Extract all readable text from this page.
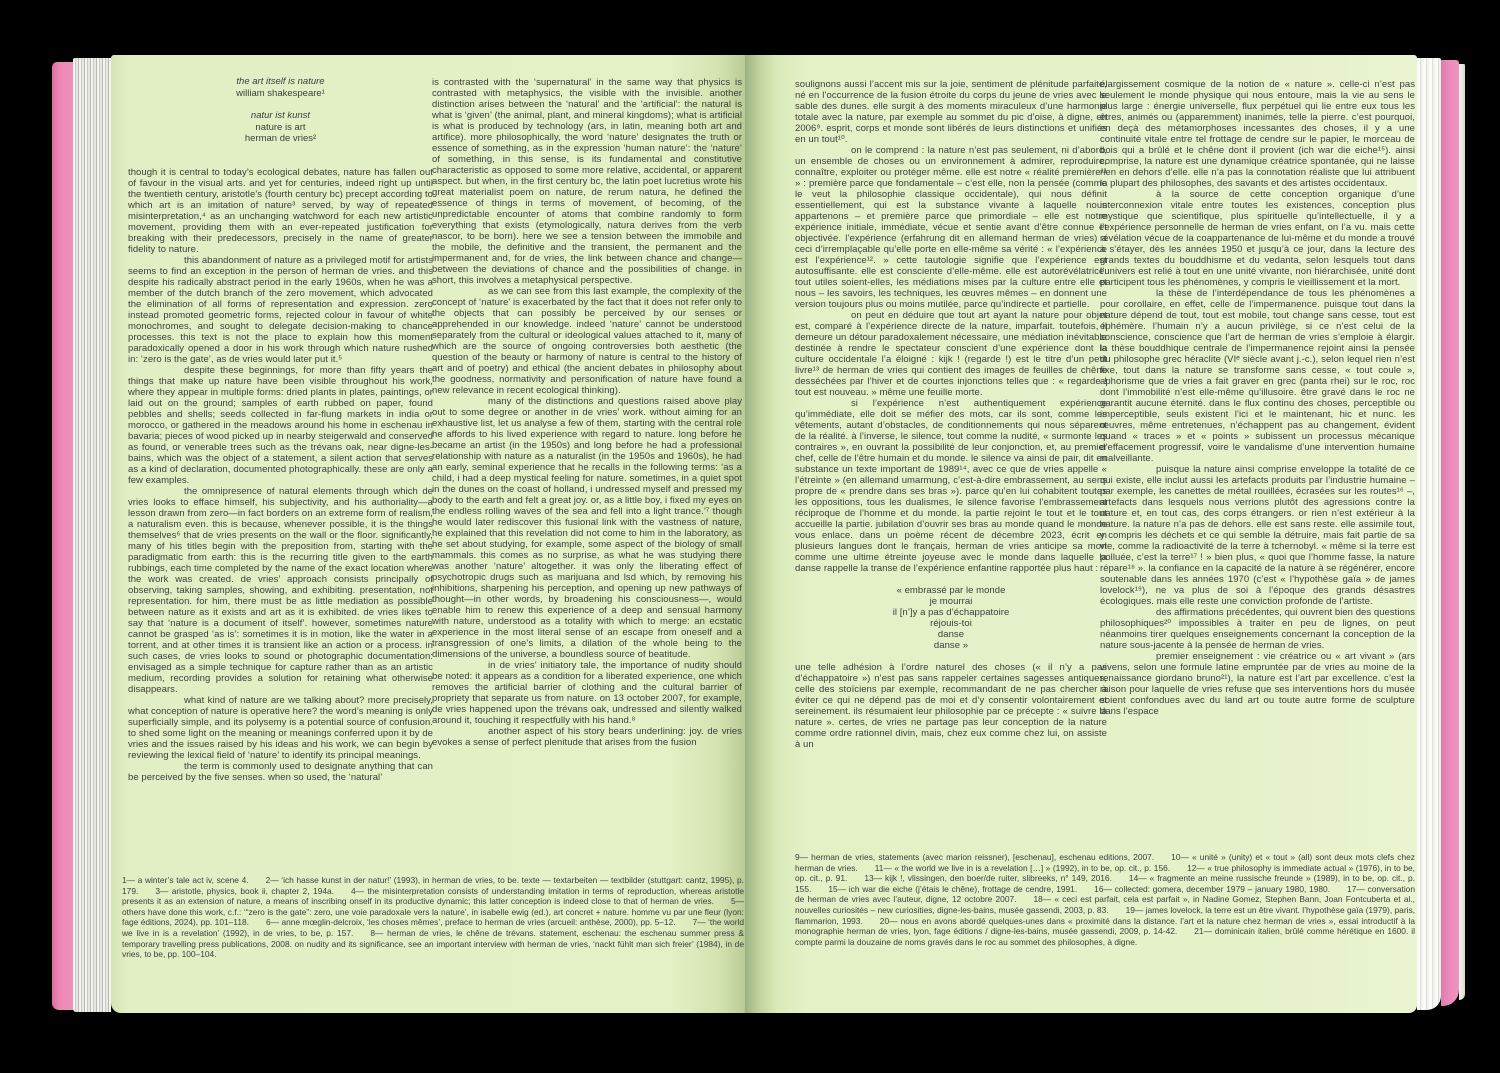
the art itself is nature
william shakespeare¹
natur ist kunst
nature is art
herman de vries²

though it is central to today’s ecological debates, nature has fallen out of favour in the visual arts. and yet for centuries, indeed right up until the twentieth century, aristotle’s (fourth century bc) precept according to which art is an imitation of nature³ served, by way of repeated misinterpretation,⁴ as an unchanging watchword for each new artistic movement, providing them with an ever-repeated justification for breaking with their predecessors, precisely in the name of greater fidelity to nature.

this abandonment of nature as a privileged motif for artists seems to find an exception in the person of herman de vries. and this despite his radically abstract period in the early 1960s, when he was a member of the dutch branch of the zero movement, which advocated the elimination of all forms of representation and expression. zero instead promoted geometric forms, rejected colour in favour of white monochromes, and sought to delegate decision-making to chance processes. this text is not the place to explain how this moment paradoxically opened a door in his work through which nature rushed in: ‘zero is the gate’, as de vries would later put it.⁵

despite these beginnings, for more than fifty years the things that make up nature have been visible throughout his work, where they appear in multiple forms: dried plants in plates, paintings, or laid out on the ground; samples of earth rubbed on paper, found pebbles and shells; seeds collected in far-flung markets in india or morocco, or gathered in the meadows around his home in eschenau in bavaria; pieces of wood picked up in nearby steigerwald and conserved as found, or venerable trees such as the trévans oak, near digne-les-bains, which was the object of a statement, a silent action that serves as a kind of declaration, documented photographically. these are only a few examples.

the omnipresence of natural elements through which de vries looks to efface himself, his subjectivity, and his authoriality—a lesson drawn from zero—in fact borders on an extreme form of realism, a naturalism even. this is because, whenever possible, it is the things themselves⁶ that de vries presents on the wall or the floor. significantly, many of his titles begin with the preposition from, starting with the paradigmatic from earth: this is the recurring title given to the earth rubbings, each time completed by the name of the exact location where the work was created. de vries’ approach consists principally of observing, taking samples, showing, and exhibiting. presentation, not representation. for him, there must be as little mediation as possible between nature as it exists and art as it is exhibited. de vries likes to say that ‘nature is a document of itself’. however, sometimes nature cannot be grasped ‘as is’: sometimes it is in motion, like the water in a torrent, and at other times it is transient like an action or a process. in such cases, de vries looks to sound or photographic documentation: envisaged as a simple technique for capture rather than as an artistic medium, recording provides a solution for retaining what otherwise disappears.

what kind of nature are we talking about? more precisely, what conception of nature is operative here? the word’s meaning is only superficially simple, and its polysemy is a potential source of confusion. to shed some light on the meaning or meanings conferred upon it by de vries and the issues raised by his ideas and his work, we can begin by reviewing the lexical field of ‘nature’ to identify its principal meanings.

the term is commonly used to designate anything that can be perceived by the five senses. when so used, the ‘natural’

is contrasted with the ‘supernatural’ in the same way that physics is contrasted with metaphysics, the visible with the invisible. another distinction arises between the ‘natural’ and the ‘artificial’: the natural is what is ‘given’ (the animal, plant, and mineral kingdoms); what is artificial is what is produced by technology (ars, in latin, meaning both art and artifice). more philosophically, the word ‘nature’ designates the truth or essence of something, as in the expression ‘human nature’: the ‘nature’ of something, in this sense, is its fundamental and constitutive characteristic as opposed to some more relative, accidental, or apparent aspect. but when, in the first century bc, the latin poet lucretius wrote his great materialist poem on nature, de rerum natura, he defined the essence of things in terms of movement, of becoming, of the unpredictable encounter of atoms that combine randomly to form everything that exists (etymologically, natura derives from the verb nascor, to be born). here we see a tension between the immobile and the mobile, the definitive and the transient, the permanent and the impermanent and, for de vries, the link between chance and change—between the deviations of chance and the possibilities of change. in short, this involves a metaphysical perspective.

as we can see from this last example, the complexity of the concept of ‘nature’ is exacerbated by the fact that it does not refer only to the objects that can possibly be perceived by our senses or apprehended in our knowledge. indeed ‘nature’ cannot be understood separately from the cultural or ideological values attached to it, many of which are the source of ongoing controversies both aesthetic (the question of the beauty or harmony of nature is central to the history of art and of poetry) and ethical (the ancient debates in philosophy about the goodness, normativity and personification of nature have found a new relevance in recent ecological thinking).

many of the distinctions and questions raised above play out to some degree or another in de vries’ work. without aiming for an exhaustive list, let us analyse a few of them, starting with the central role he affords to his lived experience with regard to nature. long before he became an artist (in the 1950s) and long before he had a professional relationship with nature as a naturalist (in the 1950s and 1960s), he had an early, seminal experience that he recalls in the following terms: ‘as a child, i had a deep mystical feeling for nature. sometimes, in a quiet spot in the dunes on the coast of holland, i undressed myself and pressed my body to the earth and felt a great joy. or, as a little boy, i fixed my eyes on the endless rolling waves of the sea and fell into a light trance.’⁷ though he would later rediscover this fusional link with the vastness of nature, he explained that this revelation did not come to him in the laboratory, as he set about studying, for example, some aspect of the biology of small mammals. this comes as no surprise, as what he was studying there was another ‘nature’ altogether. it was only the liberating effect of psychotropic drugs such as marijuana and lsd which, by removing his inhibitions, sharpening his perception, and opening up new pathways of thought—in other words, by broadening his consciousness—, would enable him to renew this experience of a deep and sensual harmony with nature, understood as a totality with which to merge: an ecstatic experience in the most literal sense of an escape from oneself and a transgression of one’s limits, a dilation of the whole being to the dimensions of the universe, a boundless source of beatitude.

in de vries’ initiatory tale, the importance of nudity should be noted: it appears as a condition for a liberated experience, one which removes the artificial barrier of clothing and the cultural barrier of propriety that separate us from nature. on 13 october 2007, for example, de vries happened upon the trévans oak, undressed and silently walked around it, touching it respectfully with his hand.⁸

another aspect of his story bears underlining: joy. de vries evokes a sense of perfect plenitude that arises from the fusion

1— a winter’s tale act iv, scene 4. 2— ‘ich hasse kunst in der natur!’ (1993), in herman de vries, to be. texte — textarbeiten — textbilder (stuttgart: cantz, 1995), p. 179. 3— aristotle, physics, book ii, chapter 2, 194a. 4— the misinterpretation consists of understanding imitation in terms of reproduction, whereas aristotle presents it as an extension of nature, a means of inscribing onself in its productive dynamic; this latter conception is indeed close to that of herman de vries. 5— others have done this work, c.f.: ‘“zero is the gate”: zero, une voie paradoxale vers la nature’, in isabelle ewig (ed.), art concret + nature. homme vu par une fleur (lyon: fage éditions, 2024), pp. 101–118. 6— anne mœglin-delcroix, ‘les choses mêmes’, preface to herman de vries (arcueil: anthèse, 2000), pp. 5–12. 7— ‘the world we live in is a revelation’ (1992), in de vries, to be, p. 157. 8— herman de vries, le chêne de trévans. statement, eschenau: the eschenau summer press & temporary travelling press publications, 2008. on nudity and its significance, see an important interview with herman de vries, ‘nackt fühlt man sich freier’ (1984), in de vries, to be, pp. 100–104.

soulignons aussi l’accent mis sur la joie, sentiment de plénitude parfaite, né en l’occurrence de la fusion étroite du corps du jeune de vries avec le sable des dunes. elle surgit à des moments miraculeux d’une harmonie totale avec la nature, par exemple au sommet du pic d’oise, à digne, en 2006⁹. esprit, corps et monde sont libérés de leurs distinctions et unifiés en un tout¹⁰.

on le comprend : la nature n’est pas seulement, ni d’abord, un ensemble de choses ou un environnement à admirer, reproduire, connaître, exploiter ou protéger même. elle est notre « réalité première¹¹ » : première parce que fondamentale – c’est elle, non la pensée (comme le veut la philosophie classique occidentale), qui nous définit essentiellement, qui est la substance vivante à laquelle nous appartenons – et première parce que primordiale – elle est notre expérience initiale, immédiate, vécue et sentie avant d’être connue et objectivée. l’expérience (erfahrung dit en allemand herman de vries) a ceci d’irremplaçable qu’elle porte en elle-même sa vérité : « l’expérience est l’expérience¹². » cette tautologie signifie que l’expérience est autosuffisante. elle est consciente d’elle-même. elle est autorévélatrice. tout utiles soient-elles, les médiations mises par la culture entre elle et nous – les savoirs, les techniques, les œuvres mêmes – en donnent une version toujours plus ou moins mutilée, parce qu’indirecte et partielle.

on peut en déduire que tout art ayant la nature pour objet est, comparé à l’expérience directe de la nature, imparfait. toutefois, il demeure un détour paradoxalement nécessaire, une médiation inévitable destinée à rendre le spectateur conscient d’une expérience dont la culture occidentale l’a éloigné : kijk ! (regarde !) est le titre d’un petit livre¹³ de herman de vries qui contient des images de feuilles de chêne desséchées par l’hiver et de courtes injonctions telles que : « regarde ! tout est nouveau. » même une feuille morte.

si l’expérience n’est authentiquement expérience qu’immédiate, elle doit se méfier des mots, car ils sont, comme les vêtements, autant d’obstacles, de conditionnements qui nous séparent de la réalité. à l’inverse, le silence, tout comme la nudité, « surmonte les contraires », en ouvrant la possibilité de leur conjonction, et, au premier chef, celle de l’être humain et du monde. le silence va ainsi de pair, dit en substance un texte important de 1989¹⁴, avec ce que de vries appelle « l’étreinte » (en allemand umarmung, c’est-à-dire embrassement, au sens propre de « prendre dans ses bras »). parce qu’en lui cohabitent toutes les oppositions, tous les dualismes, le silence favorise l’embrassement réciproque de l’homme et du monde. la partie rejoint le tout et le tout accueille la partie. jubilation d’ouvrir ses bras au monde quand le monde vous enlace. dans un poème récent de décembre 2023, écrit en plusieurs langues dont le français, herman de vries anticipe sa mort comme une ultime étreinte joyeuse avec le monde dans laquelle la danse rappelle la transe de l’expérience enfantine rapportée plus haut :

« embrassé par le monde
je mourrai
il [n’]y a pas d’échappatoire
réjouis-toi
danse
danse »

une telle adhésion à l’ordre naturel des choses (« il n’y a pas d’échappatoire ») n’est pas sans rappeler certaines sagesses antiques, celle des stoïciens par exemple, recommandant de ne pas chercher à éviter ce qui ne dépend pas de moi et d’y consentir volontairement et sereinement. ils résumaient leur philosophie par ce précepte : « suivre la nature ». certes, de vries ne partage pas leur conception de la nature comme ordre rationnel divin, mais, chez eux comme chez lui, on assiste à un

élargissement cosmique de la notion de « nature ». celle-ci n’est pas seulement le monde physique qui nous entoure, mais la vie au sens le plus large : énergie universelle, flux perpétuel qui lie entre eux tous les êtres, animés ou (apparemment) inanimés, telle la pierre. c’est pourquoi, en deçà des métamorphoses incessantes des choses, il y a une continuité vitale entre tel frottage de cendre sur le papier, le morceau de bois qui a brûlé et le chêne dont il provient (ich war die eiche¹⁵). ainsi comprise, la nature est une dynamique créatrice spontanée, qui ne laisse rien en dehors d’elle. elle n’a pas la connotation réaliste que lui attribuent la plupart des philosophes, des savants et des artistes occidentaux.

à la source de cette conception organique d’une interconnexion vitale entre toutes les existences, conception plus mystique que scientifique, plus spirituelle qu’intellectuelle, il y a l’expérience personnelle de herman de vries enfant, on l’a vu. mais cette révélation vécue de la coappartenance de lui-même et du monde a trouvé à s’étayer, dès les années 1950 et jusqu’à ce jour, dans la lecture des grands textes du bouddhisme et du vedanta, selon lesquels tout dans l’univers est relié à tout en une unité vivante, non hiérarchisée, unité dont participent tous les phénomènes, y compris le vieillissement et la mort.

la thèse de l’interdépendance de tous les phénomènes a pour corollaire, en effet, celle de l’impermanence. puisque tout dans la nature dépend de tout, tout est mobile, tout change sans cesse, tout est éphémère. l’humain n’y a aucun privilège, si ce n’est celui de la conscience, conscience que l’art de herman de vries s’emploie à élargir. la thèse bouddhique centrale de l’impermanence rejoint ainsi la pensée du philosophe grec héraclite (VIᵉ siècle avant j.-c.), selon lequel rien n’est fixe, tout dans la nature se transforme sans cesse, « tout coule », aphorisme que de vries a fait graver en grec (panta rhei) sur le roc, roc dont l’immobilité n’est elle-même qu’illusoire. être gravé dans le roc ne garantit aucune éternité. dans le flux continu des choses, perceptible ou imperceptible, seuls existent l’ici et le maintenant, hic et nunc. les œuvres, même entretenues, n’échappent pas au changement, évident quand « traces » et « points » subissent un processus mécanique d’effacement progressif, voire le vandalisme d’une intervention humaine malveillante.

puisque la nature ainsi comprise enveloppe la totalité de ce qui existe, elle inclut aussi les artefacts produits par l’industrie humaine – par exemple, les canettes de métal rouillées, écrasées sur les routes¹⁶ –, artefacts dans lesquels nous verrions plutôt des agressions contre la nature et, en tout cas, des corps étrangers. or rien n’est extérieur à la nature. la nature n’a pas de dehors. elle est sans reste. elle assimile tout, y compris les déchets et ce qui semble la détruire, mais fait partie de sa vie, comme la radioactivité de la terre à tchernobyl. « même si la terre est polluée, c’est la terre¹⁷ ! » bien plus, « quoi que l’homme fasse, la nature répare¹⁸ ». la confiance en la capacité de la nature à se régénérer, encore soutenable dans les années 1970 (c’est « l’hypothèse gaïa » de james lovelock¹⁹), ne va plus de soi à l’époque des grands désastres écologiques. mais elle reste une conviction profonde de l’artiste.

des affirmations précédentes, qui ouvrent bien des questions philosophiques²⁰ impossibles à traiter en peu de lignes, on peut néanmoins tirer quelques enseignements concernant la conception de la nature sous-jacente à la pensée de herman de vries.

premier enseignement : vie créatrice ou « art vivant » (ars vivens, selon une formule latine empruntée par de vries au moine de la renaissance giordano bruno²¹), la nature est l’art par excellence. c’est la raison pour laquelle de vries refuse que ses interventions hors du musée soient confondues avec du land art ou toute autre forme de sculpture dans l’espace

9— herman de vries, statements (avec marion reissner), [eschenau], eschenau editions, 2007. 10— « unité » (unity) et « tout » (all) sont deux mots clefs chez herman de vries. 11— « the world we live in is a revelation […] » (1992), in to be, op. cit., p. 156. 12— « true philosophy is immediate actual » (1976), in to be, op. cit., p. 91. 13— kijk !, vlissingen, den boer/de ruiter, slibreeks, n° 149, 2016. 14— « fragmente an meine russische freunde » (1989), in to be, op. cit., p. 155. 15— ich war die eiche (j’étais le chêne), frottage de cendre, 1991. 16— collected: gomera, december 1979 – january 1980, 1980. 17— conversation de herman de vries avec l’auteur, digne, 12 octobre 2007. 18— « ceci est parfait, cela est parfait », in Nadine Gomez, Stephen Bann, Joan Fontcuberta et al., nouvelles curiosités – new curiosities, digne-les-bains, musée gassendi, 2003, p. 83. 19— james lovelock, la terre est un être vivant. l’hypothèse gaïa (1979), paris, flammarion, 1993. 20— nous en avons abordé quelques-unes dans « proximité dans la distance. l’art et la nature chez herman de vries », essai introductif à la monographie herman de vries, lyon, fage éditions / digne-les-bains, musée gassendi, 2009, p. 14-42. 21— dominicain italien, brûlé comme hérétique en 1600. il compte parmi la douzaine de noms gravés dans le roc au sommet des philosophes, à digne.
